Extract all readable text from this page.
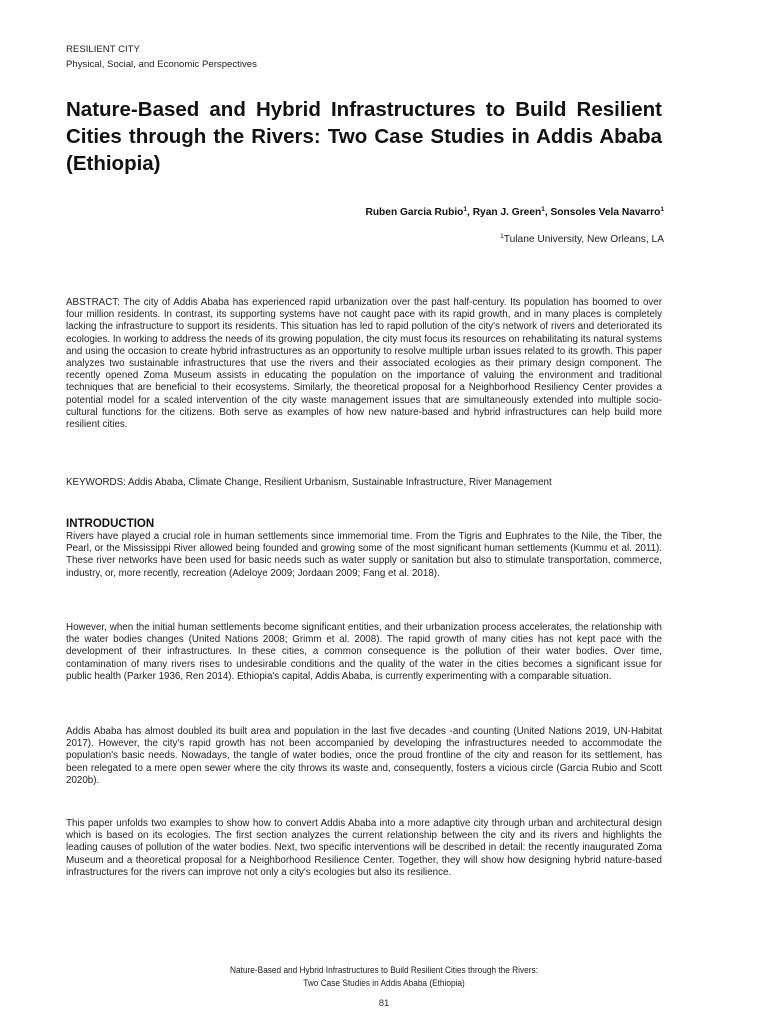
RESILIENT CITY
Physical, Social, and Economic Perspectives
Nature-Based and Hybrid Infrastructures to Build Resilient Cities through the Rivers: Two Case Studies in Addis Ababa (Ethiopia)
Ruben Garcia Rubio$^1$, Ryan J. Green$^1$, Sonsoles Vela Navarro$^1$
$^1$Tulane University, New Orleans, LA

ABSTRACT: The city of Addis Ababa has experienced rapid urbanization over the past half-century. Its population has boomed to over four million residents. In contrast, its supporting systems have not caught pace with its rapid growth, and in many places is completely lacking the infrastructure to support its residents. This situation has led to rapid pollution of the city's network of rivers and deteriorated its ecologies. In working to address the needs of its growing population, the city must focus its resources on rehabilitating its natural systems and using the occasion to create hybrid infrastructures as an opportunity to resolve multiple urban issues related to its growth. This paper analyzes two sustainable infrastructures that use the rivers and their associated ecologies as their primary design component. The recently opened Zoma Museum assists in educating the population on the importance of valuing the environment and traditional techniques that are beneficial to their ecosystems. Similarly, the theoretical proposal for a Neighborhood Resiliency Center provides a potential model for a scaled intervention of the city waste management issues that are simultaneously extended into multiple socio-cultural functions for the citizens. Both serve as examples of how new nature-based and hybrid infrastructures can help build more resilient cities.

KEYWORDS: Addis Ababa, Climate Change, Resilient Urbanism, Sustainable Infrastructure, River Management

INTRODUCTION

Rivers have played a crucial role in human settlements since immemorial time. From the Tigris and Euphrates to the Nile, the Tiber, the Pearl, or the Mississippi River allowed being founded and growing some of the most significant human settlements (Kummu et al. 2011). These river networks have been used for basic needs such as water supply or sanitation but also to stimulate transportation, commerce, industry, or, more recently, recreation (Adeloye 2009; Jordaan 2009; Fang et al. 2018).

However, when the initial human settlements become significant entities, and their urbanization process accelerates, the relationship with the water bodies changes (United Nations 2008; Grimm et al. 2008). The rapid growth of many cities has not kept pace with the development of their infrastructures. In these cities, a common consequence is the pollution of their water bodies. Over time, contamination of many rivers rises to undesirable conditions and the quality of the water in the cities becomes a significant issue for public health (Parker 1936, Ren 2014). Ethiopia's capital, Addis Ababa, is currently experimenting with a comparable situation.

Addis Ababa has almost doubled its built area and population in the last five decades -and counting (United Nations 2019, UN-Habitat 2017). However, the city's rapid growth has not been accompanied by developing the infrastructures needed to accommodate the population's basic needs. Nowadays, the tangle of water bodies, once the proud frontline of the city and reason for its settlement, has been relegated to a mere open sewer where the city throws its waste and, consequently, fosters a vicious circle (Garcia Rubio and Scott 2020b).

This paper unfolds two examples to show how to convert Addis Ababa into a more adaptive city through urban and architectural design which is based on its ecologies. The first section analyzes the current relationship between the city and its rivers and highlights the leading causes of pollution of the water bodies. Next, two specific interventions will be described in detail: the recently inaugurated Zoma Museum and a theoretical proposal for a Neighborhood Resilience Center. Together, they will show how designing hybrid nature-based infrastructures for the rivers can improve not only a city's ecologies but also its resilience.

Nature-Based and Hybrid Infrastructures to Build Resilient Cities through the Rivers:
Two Case Studies in Addis Ababa (Ethiopia)
81
